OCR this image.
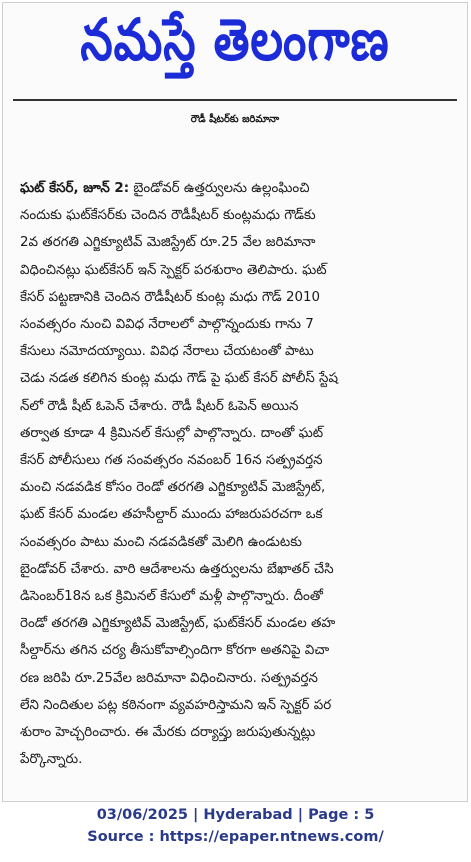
నమస్తే తెలంగాణ
రౌడీ షీటర్‌కు జరిమానా
ఘట్ కేసర్, జూన్ 2: బైండోవర్ ఉత్తర్వులను ఉల్లంఘించి
నందుకు ఘట్‌కేసర్‌కు చెందిన రౌడీషీటర్ కుంట్లమధు గౌడ్‌కు
2వ తరగతి ఎగ్జిక్యూటివ్ మెజిస్ట్రేట్ రూ.25 వేల జరిమానా
విధించినట్లు ఘట్‌కేసర్ ఇన్ స్పెక్టర్ పరశురాం తెలిపారు. ఘట్
కేసర్ పట్టణానికి చెందిన రౌడీషీటర్ కుంట్ల మధు గౌడ్ 2010
సంవత్సరం నుంచి వివిధ నేరాలలో పాల్గొన్నందుకు గాను 7
కేసులు నమోదయ్యాయి. వివిధ నేరాలు చేయటంతో పాటు
చెడు నడత కలిగిన కుంట్ల మధు గౌడ్ పై ఘట్ కేసర్ పోలీస్ స్టేష
న్‌లో రౌడీ షీట్ ఓపెన్ చేశారు. రౌడీ షీటర్ ఓపెన్ అయిన
తర్వాత కూడా 4 క్రిమినల్ కేసుల్లో పాల్గొన్నారు. దాంతో ఘట్
కేసర్ పోలీసులు గత సంవత్సరం నవంబర్ 16న సత్ప్రవర్తన
మంచి నడవడిక కోసం రెండో తరగతి ఎగ్జిక్యూటివ్ మెజిస్ట్రేట్,
ఘట్ కేసర్ మండల తహసీల్దార్ ముందు హాజరుపరచగా ఒక
సంవత్సరం పాటు మంచి నడవడికతో మెలిగి ఉండుటకు
బైండోవర్ చేశారు. వారి ఆదేశాలను ఉత్తర్వులను బేఖాతర్ చేసి
డిసెంబర్18న ఒక క్రిమినల్ కేసులో మళ్లీ పాల్గొన్నారు. దీంతో
రెండో తరగతి ఎగ్జిక్యూటివ్ మెజిస్ట్రేట్, ఘట్‌కేసర్ మండల తహ
సీల్దార్‌ను తగిన చర్య తీసుకోవాల్సిందిగా కోరగా అతనిపై విచా
రణ జరిపి రూ.25వేల జరిమానా విధించినారు. సత్ప్రవర్తన
లేని నిందితుల పట్ల కఠినంగా వ్యవహరిస్తామని ఇన్ స్పెక్టర్ పర
శురాం హెచ్చరించారు. ఈ మేరకు దర్యాప్తు జరుపుతున్నట్లు
పేర్కొన్నారు.
03/06/2025 | Hyderabad | Page : 5
Source : https://epaper.ntnews.com/
